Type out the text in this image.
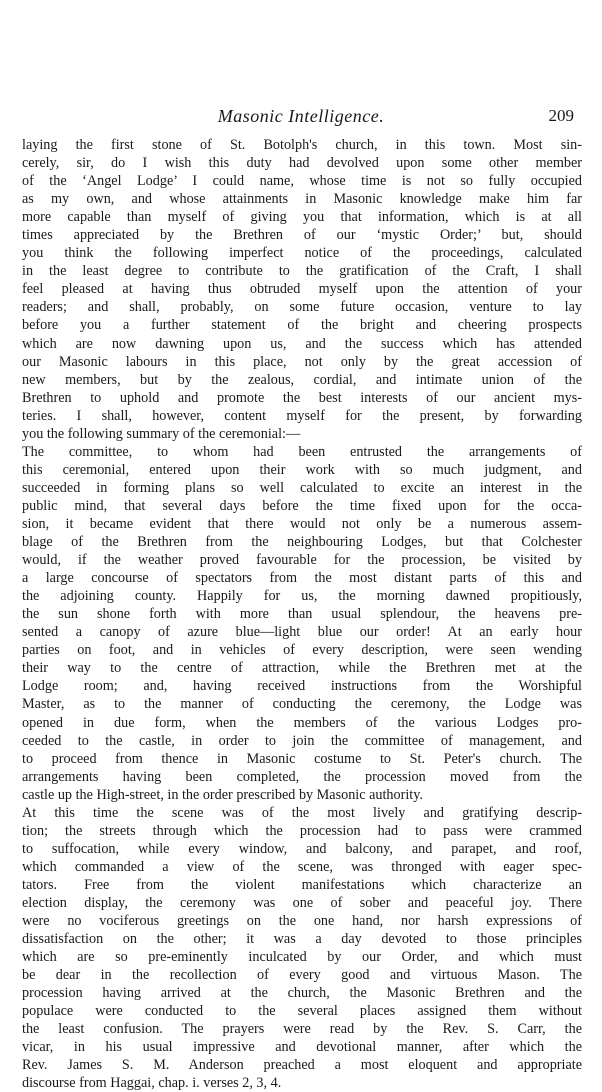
Masonic Intelligence.	209
laying the first stone of St. Botolph's church, in this town. Most sin-
cerely, sir, do I wish this duty had devolved upon some other member
of the ‘Angel Lodge’ I could name, whose time is not so fully occupied
as my own, and whose attainments in Masonic knowledge make him far
more capable than myself of giving you that information, which is at all
times appreciated by the Brethren of our ‘mystic Order;’ but, should
you think the following imperfect notice of the proceedings, calculated
in the least degree to contribute to the gratification of the Craft, I shall
feel pleased at having thus obtruded myself upon the attention of your
readers; and shall, probably, on some future occasion, venture to lay
before you a further statement of the bright and cheering prospects
which are now dawning upon us, and the success which has attended
our Masonic labours in this place, not only by the great accession of
new members, but by the zealous, cordial, and intimate union of the
Brethren to uphold and promote the best interests of our ancient mys-
teries. I shall, however, content myself for the present, by forwarding
you the following summary of the ceremonial:—
The committee, to whom had been entrusted the arrangements of
this ceremonial, entered upon their work with so much judgment, and
succeeded in forming plans so well calculated to excite an interest in the
public mind, that several days before the time fixed upon for the occa-
sion, it became evident that there would not only be a numerous assem-
blage of the Brethren from the neighbouring Lodges, but that Colchester
would, if the weather proved favourable for the procession, be visited by
a large concourse of spectators from the most distant parts of this and
the adjoining county. Happily for us, the morning dawned propitiously,
the sun shone forth with more than usual splendour, the heavens pre-
sented a canopy of azure blue—light blue our order! At an early hour
parties on foot, and in vehicles of every description, were seen wending
their way to the centre of attraction, while the Brethren met at the
Lodge room; and, having received instructions from the Worshipful
Master, as to the manner of conducting the ceremony, the Lodge was
opened in due form, when the members of the various Lodges pro-
ceeded to the castle, in order to join the committee of management, and
to proceed from thence in Masonic costume to St. Peter's church. The
arrangements having been completed, the procession moved from the
castle up the High-street, in the order prescribed by Masonic authority.
At this time the scene was of the most lively and gratifying descrip-
tion; the streets through which the procession had to pass were crammed
to suffocation, while every window, and balcony, and parapet, and roof,
which commanded a view of the scene, was thronged with eager spec-
tators. Free from the violent manifestations which characterize an
election display, the ceremony was one of sober and peaceful joy. There
were no vociferous greetings on the one hand, nor harsh expressions of
dissatisfaction on the other; it was a day devoted to those principles
which are so pre-eminently inculcated by our Order, and which must
be dear in the recollection of every good and virtuous Mason. The
procession having arrived at the church, the Masonic Brethren and the
populace were conducted to the several places assigned them without
the least confusion. The prayers were read by the Rev. S. Carr, the
vicar, in his usual impressive and devotional manner, after which the
Rev. James S. M. Anderson preached a most eloquent and appropriate
discourse from Haggai, chap. i. verses 2, 3, 4.
